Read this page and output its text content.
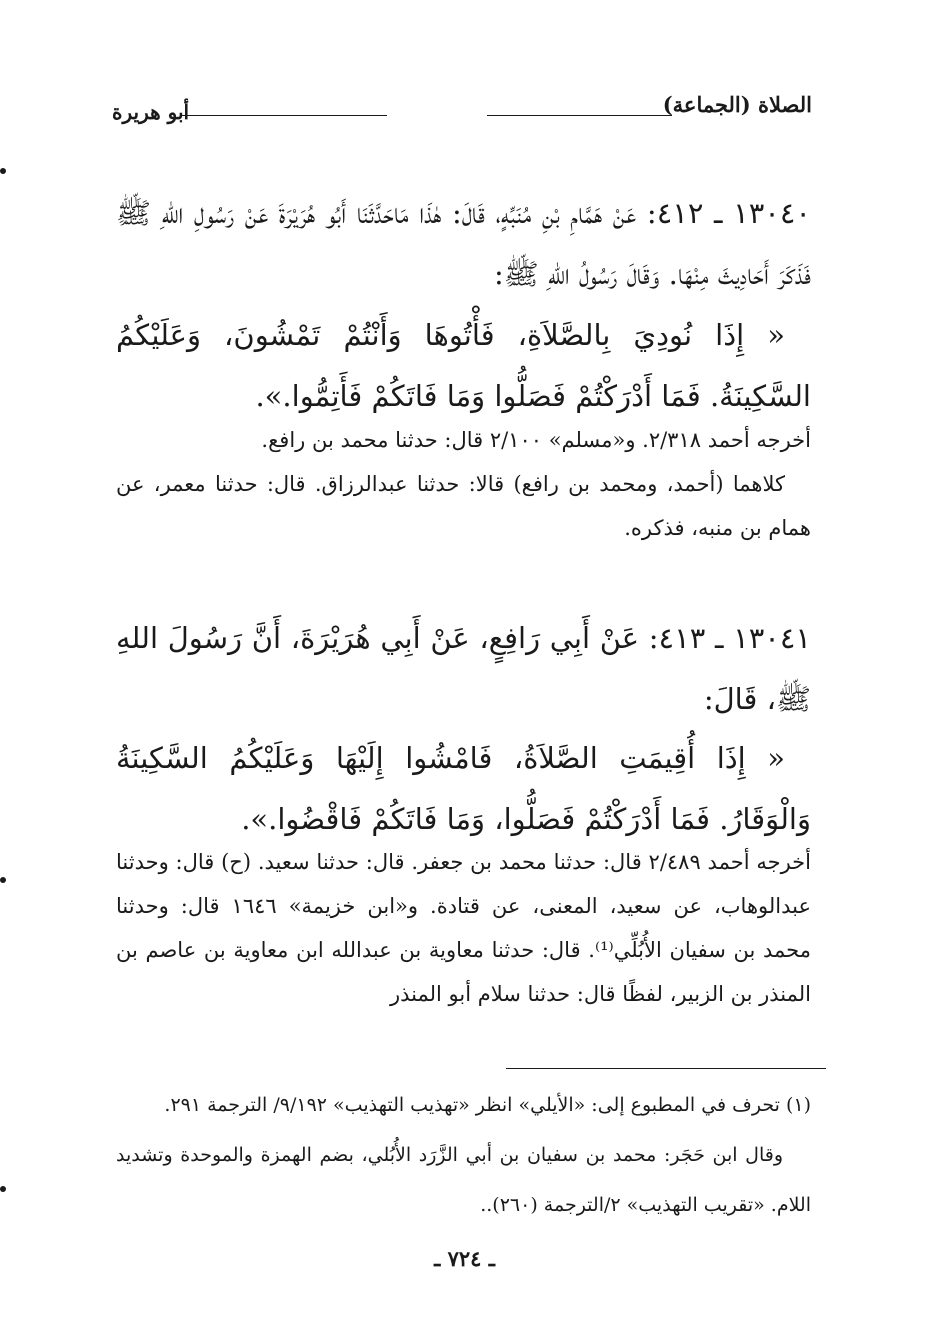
الصلاة (الجماعة)
أبو هريرة
١٣٠٤٠ ـ ٤١٢: عَنْ هَمَّامِ بْنِ مُنَبِّهٍ، قَالَ: هٰذَا مَاحَدَّثَنَا أَبُو هُرَيْرَةَ عَنْ رَسُولِ اللهِ ﷺ فَذَكَرَ أَحَادِيثَ مِنْهَا. وَقَالَ رَسُولُ اللهِ ﷺ:
« إِذَا نُودِيَ بِالصَّلاَةِ، فَأْتُوهَا وَأَنْتُمْ تَمْشُونَ، وَعَلَيْكُمُ السَّكِينَةُ. فَمَا أَدْرَكْتُمْ فَصَلُّوا وَمَا فَاتَكُمْ فَأَتِمُّوا.».

أخرجه أحمد ٢/٣١٨. و«مسلم» ٢/١٠٠ قال: حدثنا محمد بن رافع.

كلاهما (أحمد، ومحمد بن رافع) قالا: حدثنا عبدالرزاق. قال: حدثنا معمر، عن همام بن منبه، فذكره.

١٣٠٤١ ـ ٤١٣: عَنْ أَبِي رَافِعٍ، عَنْ أَبِي هُرَيْرَةَ، أَنَّ رَسُولَ اللهِ ﷺ، قَالَ:
« إِذَا أُقِيمَتِ الصَّلاَةُ، فَامْشُوا إِلَيْهَا وَعَلَيْكُمُ السَّكِينَةُ وَالْوَقَارُ. فَمَا أَدْرَكْتُمْ فَصَلُّوا، وَمَا فَاتَكُمْ فَاقْضُوا.».
أخرجه أحمد ٢/٤٨٩ قال: حدثنا محمد بن جعفر. قال: حدثنا سعيد. (ح) قال: وحدثنا عبدالوهاب، عن سعيد، المعنى، عن قتادة. و«ابن خزيمة» ١٦٤٦ قال: وحدثنا محمد بن سفيان الأُبُلِّي⁽¹⁾. قال: حدثنا معاوية بن عبدالله ابن معاوية بن عاصم بن المنذر بن الزبير، لفظًا قال: حدثنا سلام أبو المنذر

(١) تحرف في المطبوع إلى: «الأيلي» انظر «تهذيب التهذيب» ٩/١٩٢/ الترجمة ٢٩١.

وقال ابن حَجَر: محمد بن سفيان بن أبي الزَّرَد الأُبُلي، بضم الهمزة والموحدة وتشديد اللام. «تقريب التهذيب» ٢/الترجمة (٢٦٠)..

ـ ٧٢٤ ـ
